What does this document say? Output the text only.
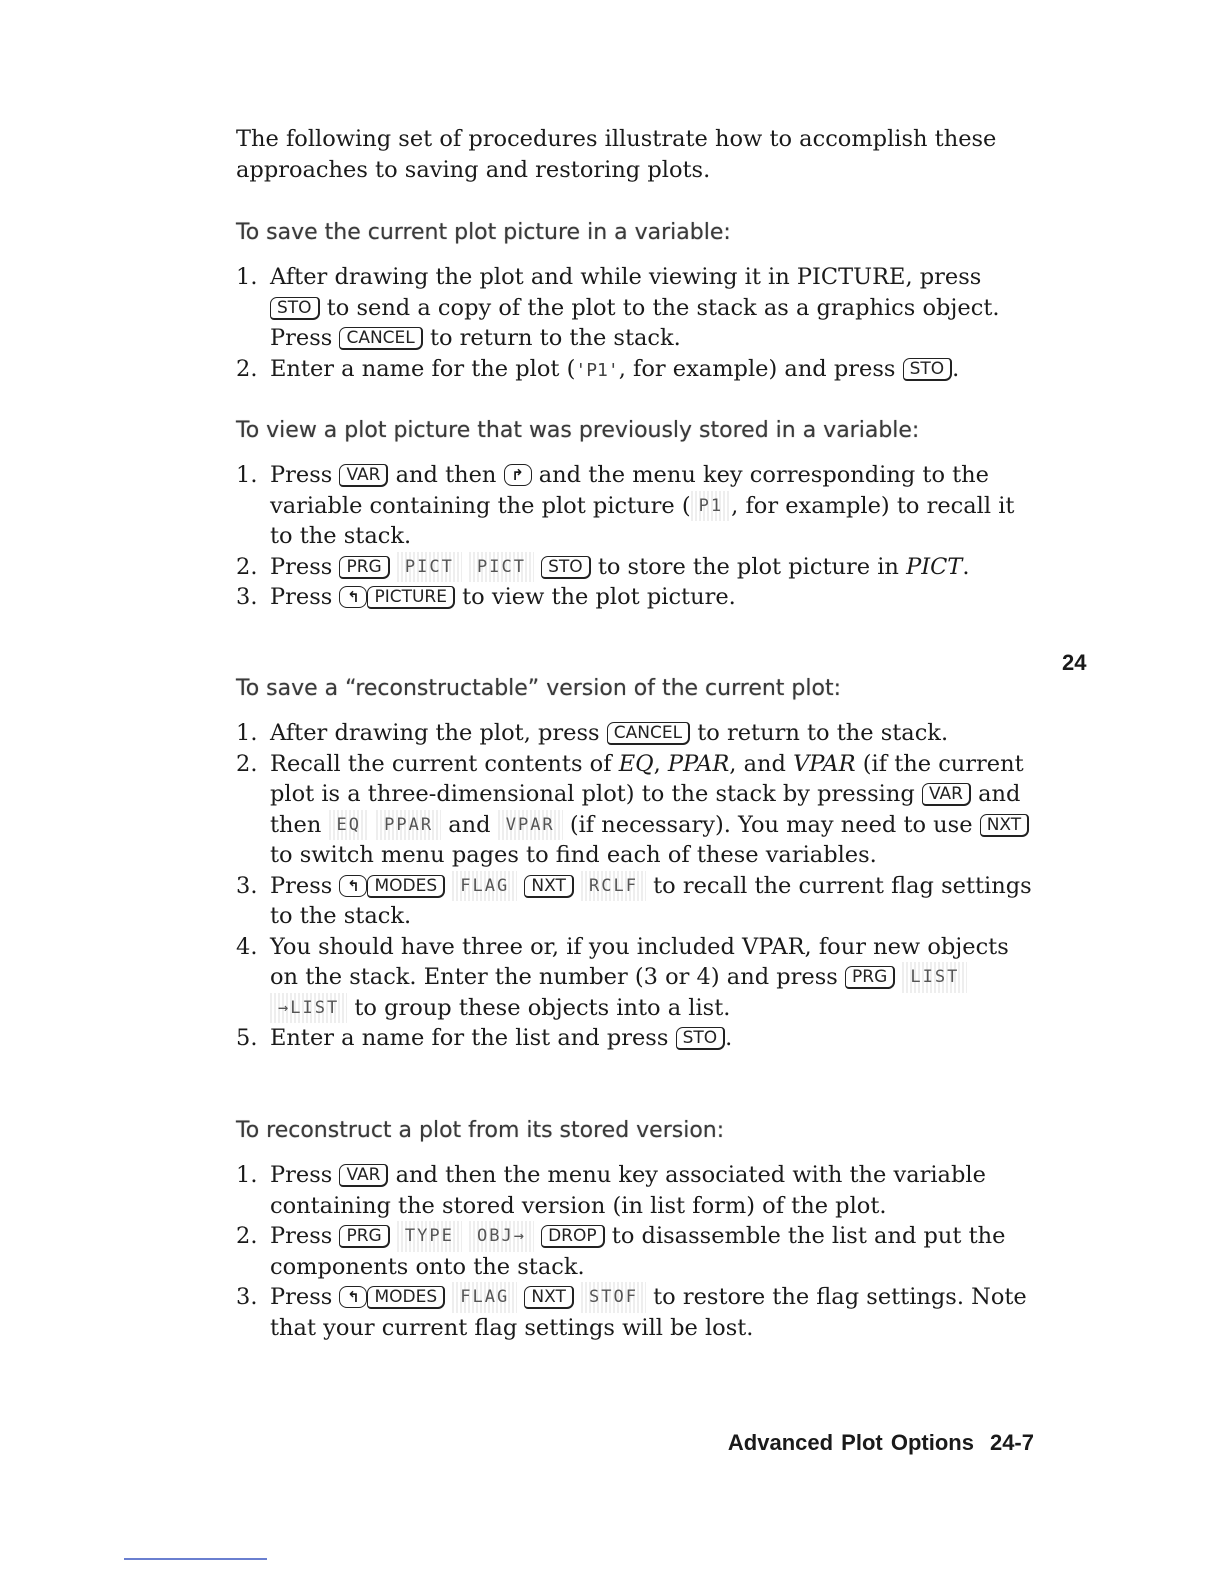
The following set of procedures illustrate how to accomplish these approaches to saving and restoring plots.

To save the current plot picture in a variable:
1. After drawing the plot and while viewing it in PICTURE, press STO to send a copy of the plot to the stack as a graphics object. Press CANCEL to return to the stack.
2. Enter a name for the plot ('P1', for example) and press STO .
To view a plot picture that was previously stored in a variable:
1. Press VAR and then ↱ and the menu key corresponding to the variable containing the plot picture ( P1 , for example) to recall it to the stack.
2. Press PRG PICT PICT STO to store the plot picture in PICT.
3. Press ↰ PICTURE to view the plot picture.
To save a “reconstructable” version of the current plot:
1. After drawing the plot, press CANCEL to return to the stack.
2. Recall the current contents of EQ, PPAR, and VPAR (if the current plot is a three-dimensional plot) to the stack by pressing VAR and then EQ PPAR and VPAR (if necessary). You may need to use NXT to switch menu pages to find each of these variables.
3. Press ↰ MODES FLAG NXT RCLF to recall the current flag settings to the stack.
4. You should have three or, if you included VPAR, four new objects on the stack. Enter the number (3 or 4) and press PRG LIST →LIST to group these objects into a list.
5. Enter a name for the list and press STO .
To reconstruct a plot from its stored version:
1. Press VAR and then the menu key associated with the variable containing the stored version (in list form) of the plot.
2. Press PRG TYPE OBJ→ DROP to disassemble the list and put the components onto the stack.
3. Press ↰ MODES FLAG NXT STOF to restore the flag settings. Note that your current flag settings will be lost.
24
Advanced Plot Options 24-7
